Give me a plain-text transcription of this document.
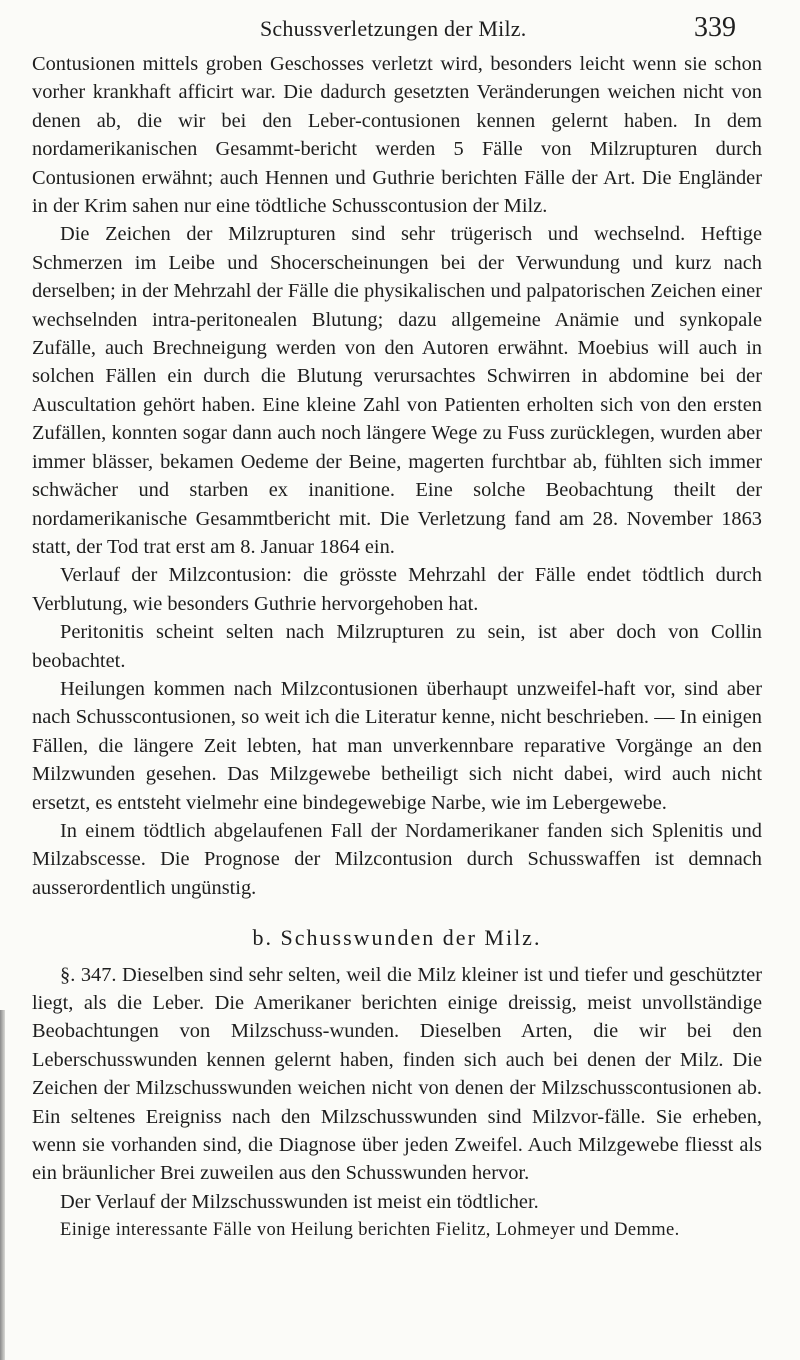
Schussverletzungen der Milz.	339

Contusionen mittels groben Geschosses verletzt wird, besonders leicht wenn sie schon vorher krankhaft afficirt war. Die dadurch gesetzten Veränderungen weichen nicht von denen ab, die wir bei den Leber-contusionen kennen gelernt haben. In dem nordamerikanischen Gesammt-bericht werden 5 Fälle von Milzrupturen durch Contusionen erwähnt; auch Hennen und Guthrie berichten Fälle der Art. Die Engländer in der Krim sahen nur eine tödtliche Schusscontusion der Milz.

Die Zeichen der Milzrupturen sind sehr trügerisch und wechselnd. Heftige Schmerzen im Leibe und Shocerscheinungen bei der Verwundung und kurz nach derselben; in der Mehrzahl der Fälle die physikalischen und palpatorischen Zeichen einer wechselnden intra-peritonealen Blutung; dazu allgemeine Anämie und synkopale Zufälle, auch Brechneigung werden von den Autoren erwähnt. Moebius will auch in solchen Fällen ein durch die Blutung verursachtes Schwirren in abdomine bei der Auscultation gehört haben. Eine kleine Zahl von Patienten erholten sich von den ersten Zufällen, konnten sogar dann auch noch längere Wege zu Fuss zurücklegen, wurden aber immer blässer, bekamen Oedeme der Beine, magerten furchtbar ab, fühlten sich immer schwächer und starben ex inanitione. Eine solche Beobachtung theilt der nordamerikanische Gesammtbericht mit. Die Verletzung fand am 28. November 1863 statt, der Tod trat erst am 8. Januar 1864 ein.

Verlauf der Milzcontusion: die grösste Mehrzahl der Fälle endet tödtlich durch Verblutung, wie besonders Guthrie hervorgehoben hat.

Peritonitis scheint selten nach Milzrupturen zu sein, ist aber doch von Collin beobachtet.

Heilungen kommen nach Milzcontusionen überhaupt unzweifel-haft vor, sind aber nach Schusscontusionen, so weit ich die Literatur kenne, nicht beschrieben. — In einigen Fällen, die längere Zeit lebten, hat man unverkennbare reparative Vorgänge an den Milzwunden gesehen. Das Milzgewebe betheiligt sich nicht dabei, wird auch nicht ersetzt, es entsteht vielmehr eine bindegewebige Narbe, wie im Lebergewebe.

In einem tödtlich abgelaufenen Fall der Nordamerikaner fanden sich Splenitis und Milzabscesse. Die Prognose der Milzcontusion durch Schusswaffen ist demnach ausserordentlich ungünstig.

b. Schusswunden der Milz.

§. 347. Dieselben sind sehr selten, weil die Milz kleiner ist und tiefer und geschützter liegt, als die Leber. Die Amerikaner berichten einige dreissig, meist unvollständige Beobachtungen von Milzschuss-wunden. Dieselben Arten, die wir bei den Leberschusswunden kennen gelernt haben, finden sich auch bei denen der Milz. Die Zeichen der Milzschusswunden weichen nicht von denen der Milzschusscontusionen ab. Ein seltenes Ereigniss nach den Milzschusswunden sind Milzvor-fälle. Sie erheben, wenn sie vorhanden sind, die Diagnose über jeden Zweifel. Auch Milzgewebe fliesst als ein bräunlicher Brei zuweilen aus den Schusswunden hervor.

Der Verlauf der Milzschusswunden ist meist ein tödtlicher.

Einige interessante Fälle von Heilung berichten Fielitz, Lohmeyer und Demme.
